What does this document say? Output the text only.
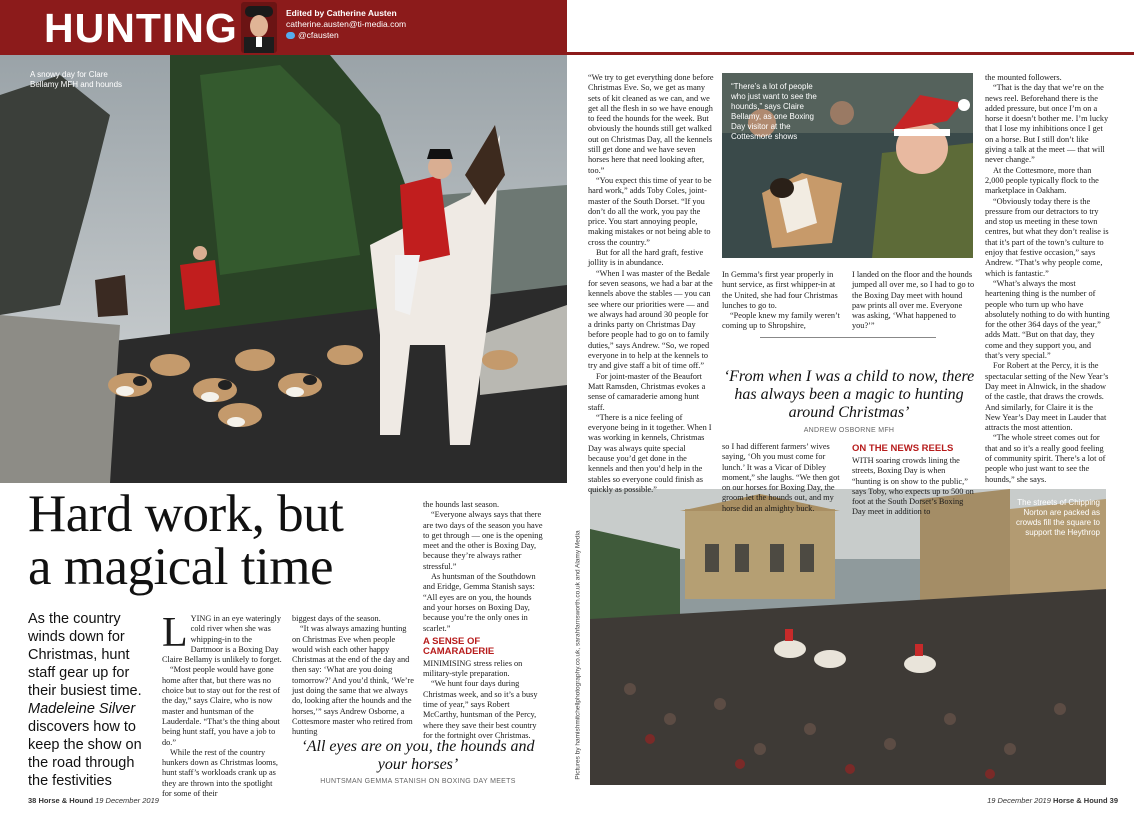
HUNTING	Edited by Catherine Austen
catherine.austen@ti-media.com
@cfausten
A snowy day for Clare Bellamy MFH and hounds	“There’s a lot of people who just want to see the hounds,” says Claire Bellamy, as one Boxing Day visitor at the Cottesmore shows
The streets of Chipping Norton are packed as crowds fill the square to support the Heythrop
Pictures by hamishmitchellphotography.co.uk, sarahfarnsworth.co.uk and Alamy Media
Hard work, but
a magical time
As the country winds down for Christmas, hunt staff gear up for their busiest time. Madeleine Silver discovers how to keep the show on the road through the festivities

LYING in an eye wateringly cold river when she was whipping-in to the Dartmoor is a Boxing Day Claire Bellamy is unlikely to forget.

“Most people would have gone home after that, but there was no choice but to stay out for the rest of the day,” says Claire, who is now master and huntsman of the Lauderdale. “That’s the thing about being hunt staff, you have a job to do.”

While the rest of the country hunkers down as Christmas looms, hunt staff’s workloads crank up as they are thrown into the spotlight for some of their

biggest days of the season.

“It was always amazing hunting on Christmas Eve when people would wish each other happy Christmas at the end of the day and then say: ‘What are you doing tomorrow?’ And you’d think, ‘We’re just doing the same that we always do, looking after the hounds and the horses,’” says Andrew Osborne, a Cottesmore master who retired from hunting

the hounds last season.

“Everyone always says that there are two days of the season you have to get through — one is the opening meet and the other is Boxing Day, because they’re always rather stressful.”

As huntsman of the Southdown and Eridge, Gemma Stanish says: “All eyes are on you, the hounds and your horses on Boxing Day, because you’re the only ones in scarlet.”

A SENSE OF CAMARADERIE

MINIMISING stress relies on military-style preparation.

“We hunt four days during Christmas week, and so it’s a busy time of year,” says Robert McCarthy, huntsman of the Percy, where they save their best country for the fortnight over Christmas.

‘All eyes are on you, the hounds and your horses’
HUNTSMAN GEMMA STANISH ON BOXING DAY MEETS

“We try to get everything done before Christmas Eve. So, we get as many sets of kit cleaned as we can, and we get all the flesh in so we have enough to feed the hounds for the week. But obviously the hounds still get walked out on Christmas Day, all the kennels still get done and we have seven horses here that need looking after, too.”

“You expect this time of year to be hard work,” adds Toby Coles, joint-master of the South Dorset. “If you don’t do all the work, you pay the price. You start annoying people, making mistakes or not being able to cross the country.”

But for all the hard graft, festive jollity is in abundance.

“When I was master of the Bedale for seven seasons, we had a bar at the kennels above the stables — you can see where our priorities were — and we always had around 30 people for a drinks party on Christmas Day before people had to go on to family duties,” says Andrew. “So, we roped everyone in to help at the kennels to try and give staff a bit of time off.”

For joint-master of the Beaufort Matt Ramsden, Christmas evokes a sense of camaraderie among hunt staff.

“There is a nice feeling of everyone being in it together. When I was working in kennels, Christmas Day was always quite special because you’d get done in the kennels and then you’d help in the stables so everyone could finish as quickly as possible.”

In Gemma’s first year properly in hunt service, as first whipper-in at the United, she had four Christmas lunches to go to.

“People knew my family weren’t coming up to Shropshire,

so I had different farmers’ wives saying, ‘Oh you must come for lunch.’ It was a Vicar of Dibley moment,” she laughs. “We then got on our horses for Boxing Day, the groom let the hounds out, and my horse did an almighty buck.

I landed on the floor and the hounds jumped all over me, so I had to go to the Boxing Day meet with hound paw prints all over me. Everyone was asking, ‘What happened to you?’”

ON THE NEWS REELS

WITH soaring crowds lining the streets, Boxing Day is when “hunting is on show to the public,” says Toby, who expects up to 500 on foot at the South Dorset’s Boxing Day meet in addition to

‘From when I was a child to now, there has always been a magic to hunting around Christmas’
ANDREW OSBORNE MFH

the mounted followers.

“That is the day that we’re on the news reel. Beforehand there is the added pressure, but once I’m on a horse it doesn’t bother me. I’m lucky that I lose my inhibitions once I get on a horse. But I still don’t like giving a talk at the meet — that will never change.”

At the Cottesmore, more than 2,000 people typically flock to the marketplace in Oakham.

“Obviously today there is the pressure from our detractors to try and stop us meeting in these town centres, but what they don’t realise is that it’s part of the town’s culture to enjoy that festive occasion,” says Andrew. “That’s why people come, which is fantastic.”

“What’s always the most heartening thing is the number of people who turn up who have absolutely nothing to do with hunting for the other 364 days of the year,” adds Matt. “But on that day, they come and they support you, and that’s very special.”

For Robert at the Percy, it is the spectacular setting of the New Year’s Day meet in Alnwick, in the shadow of the castle, that draws the crowds. And similarly, for Claire it is the New Year’s Day meet in Lauder that attracts the most attention.

“The whole street comes out for that and so it’s a really good feeling of community spirit. There’s a lot of people who just want to see the hounds,” she says.

38 Horse & Hound 19 December 2019	19 December 2019 Horse & Hound 39
